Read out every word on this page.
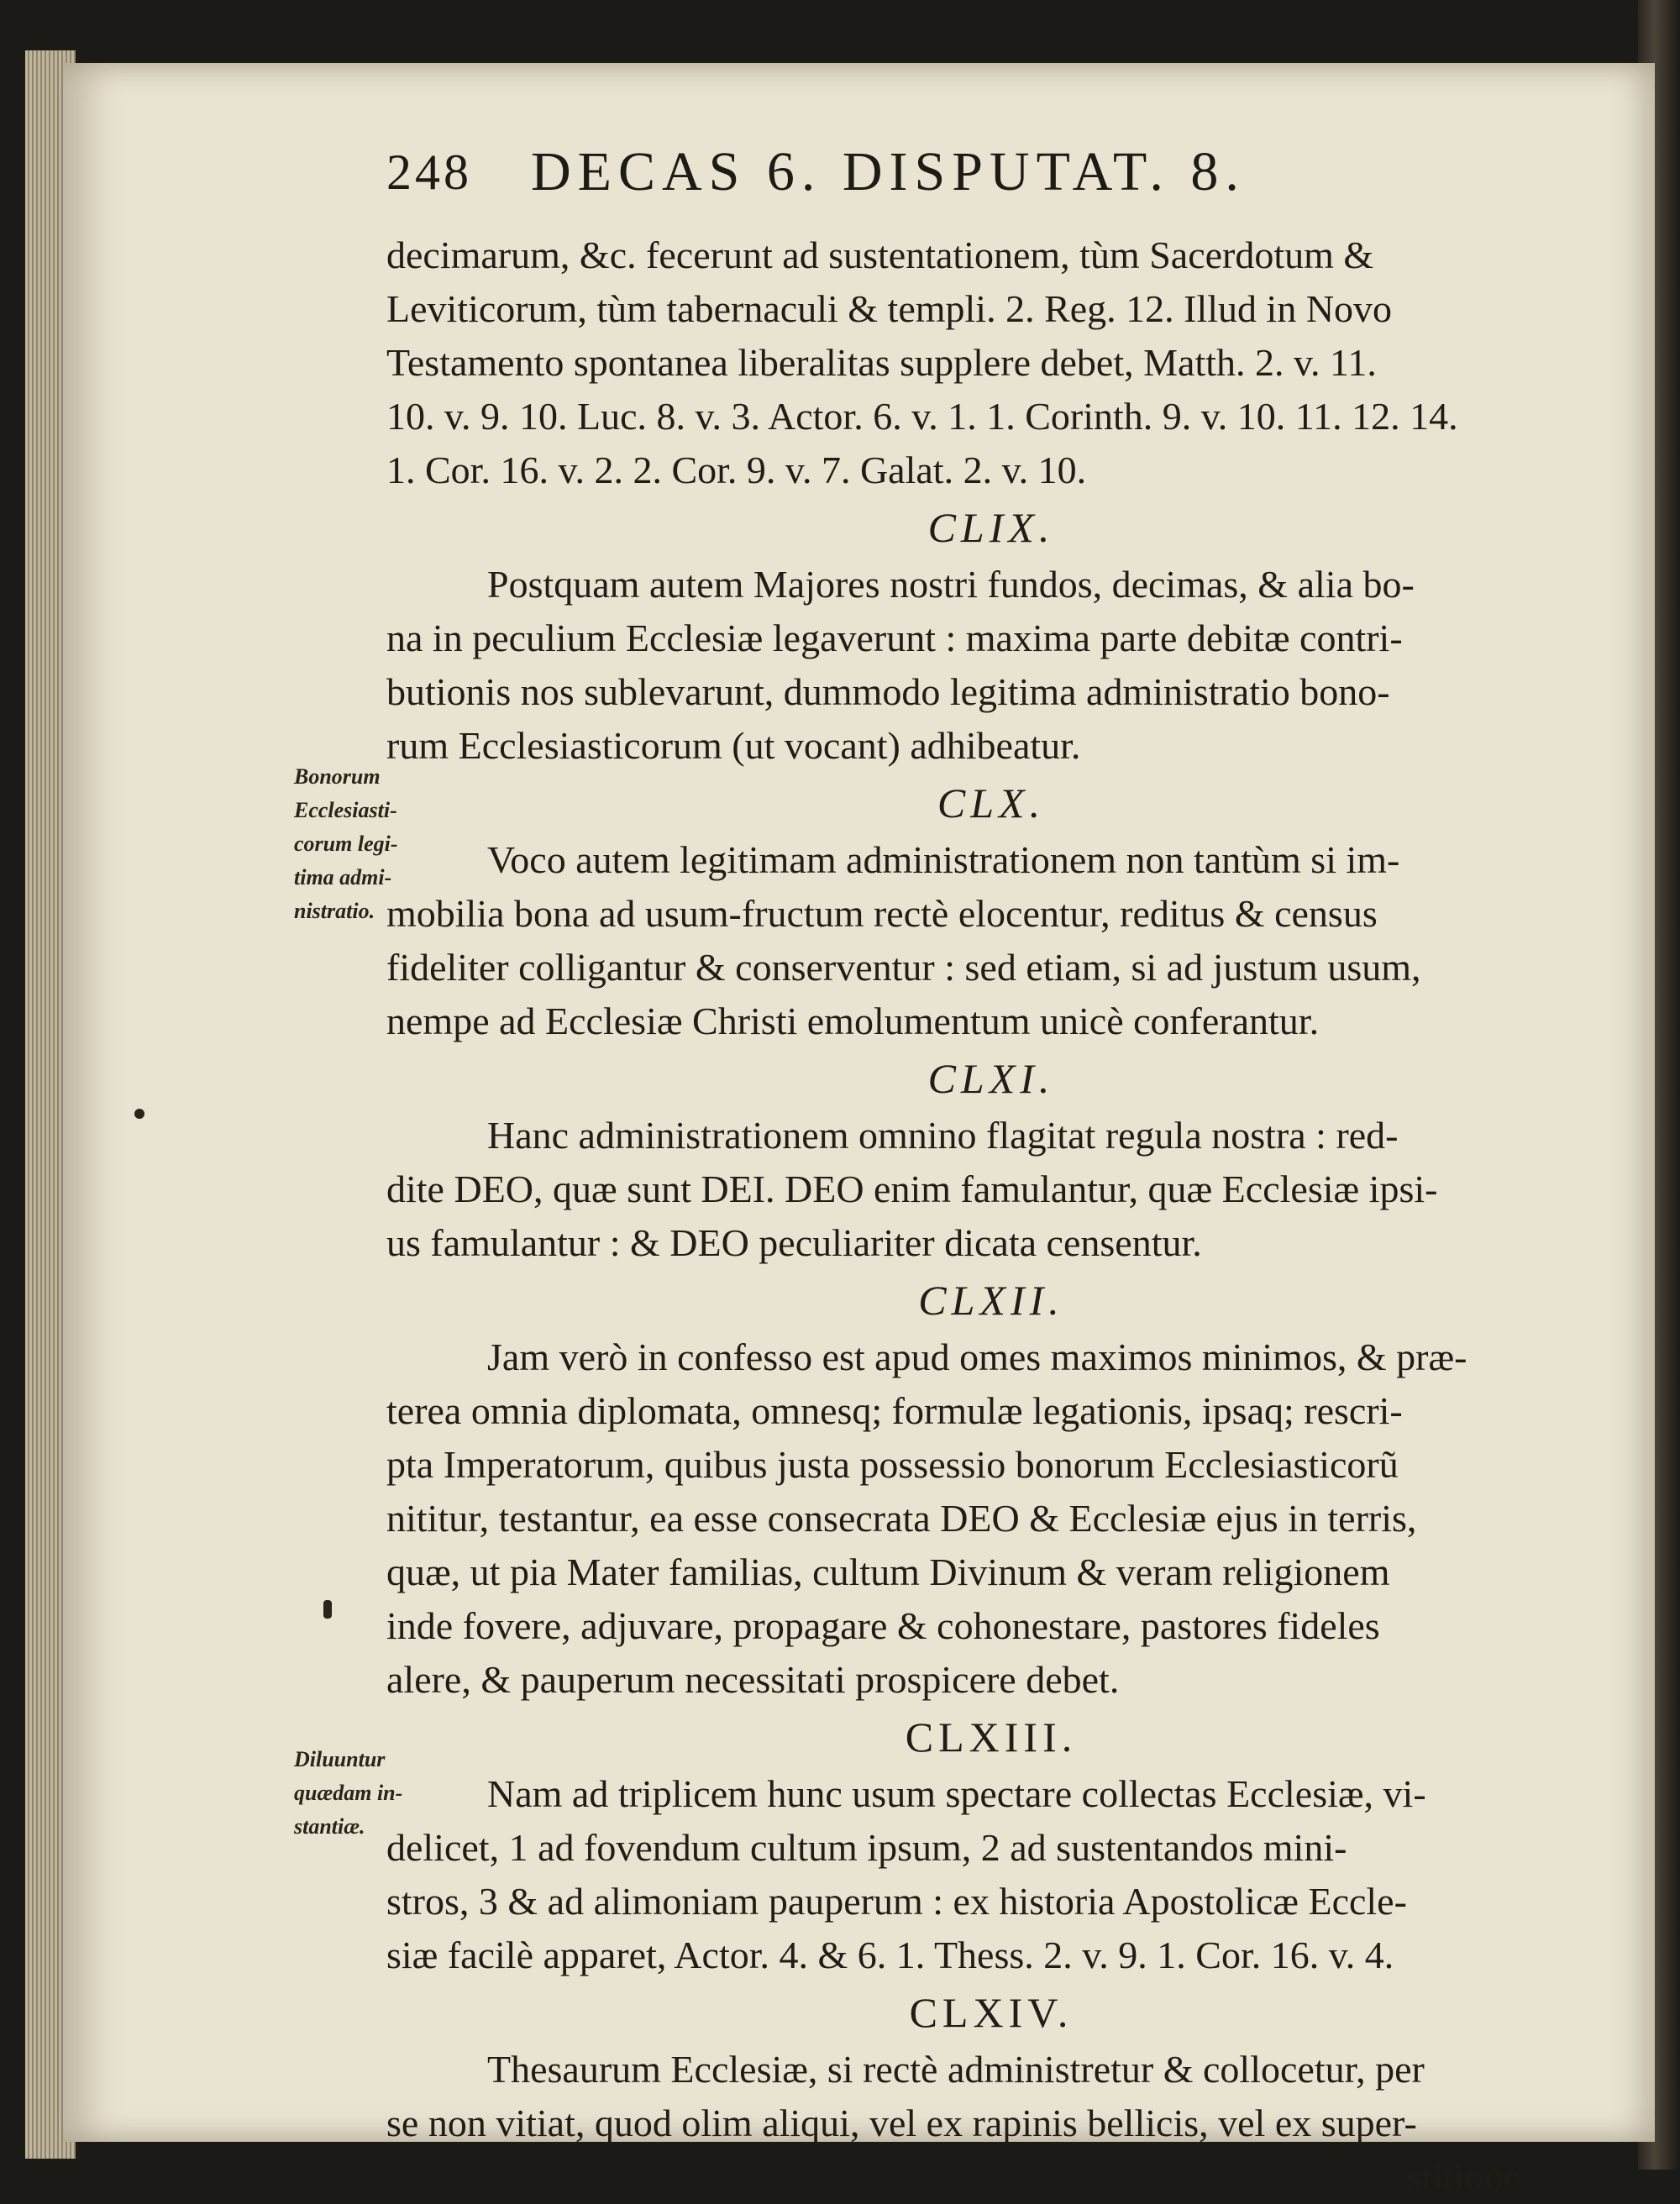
248 DECAS 6. DISPUTAT. 8.
decimarum, &c. fecerunt ad sustentationem, tùm Sacerdotum &
Leviticorum, tùm tabernaculi & templi. 2. Reg. 12. Illud in Novo
Testamento spontanea liberalitas supplere debet, Matth. 2. v. 11.
10. v. 9. 10. Luc. 8. v. 3. Actor. 6. v. 1. 1. Corinth. 9. v. 10. 11. 12. 14.
1. Cor. 16. v. 2. 2. Cor. 9. v. 7. Galat. 2. v. 10.
CLIX.
Postquam autem Majores nostri fundos, decimas, & alia bo-
na in peculium Ecclesiæ legaverunt : maxima parte debitæ contri-
butionis nos sublevarunt, dummodo legitima administratio bono-
rum Ecclesiasticorum (ut vocant) adhibeatur.
CLX.
Voco autem legitimam administrationem non tantùm si im-
mobilia bona ad usum-fructum rectè elocentur, reditus & census
fideliter colligantur & conserventur : sed etiam, si ad justum usum,
nempe ad Ecclesiæ Christi emolumentum unicè conferantur.
CLXI.
Hanc administrationem omnino flagitat regula nostra : red-
dite DEO, quæ sunt DEI. DEO enim famulantur, quæ Ecclesiæ ipsi-
us famulantur : & DEO peculiariter dicata censentur.
CLXII.
Jam verò in confesso est apud omes maximos minimos, & præ-
terea omnia diplomata, omnesq; formulæ legationis, ipsaq; rescri-
pta Imperatorum, quibus justa possessio bonorum Ecclesiasticorũ
nititur, testantur, ea esse consecrata DEO & Ecclesiæ ejus in terris,
quæ, ut pia Mater familias, cultum Divinum & veram religionem
inde fovere, adjuvare, propagare & cohonestare, pastores fideles
alere, & pauperum necessitati prospicere debet.
CLXIII.
Nam ad triplicem hunc usum spectare collectas Ecclesiæ, vi-
delicet, 1 ad fovendum cultum ipsum, 2 ad sustentandos mini-
stros, 3 & ad alimoniam pauperum : ex historia Apostolicæ Eccle-
siæ facilè apparet, Actor. 4. & 6. 1. Thess. 2. v. 9. 1. Cor. 16. v. 4.
CLXIV.
Thesaurum Ecclesiæ, si rectè administretur & collocetur, per
se non vitiat, quod olim aliqui, vel ex rapinis bellicis, vel ex super-
stitione
Bonorum
Ecclesiasti-
corum legi-
tima admi-
nistratio.
Diluuntur
quædam in-
stantiæ.
